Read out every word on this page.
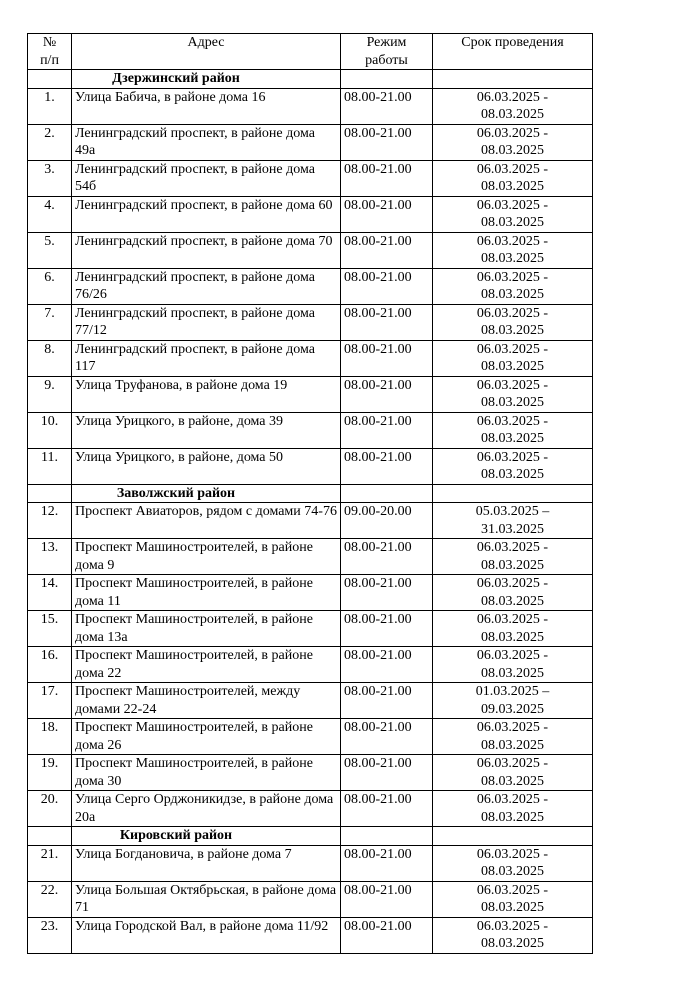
№
п/п	Адрес	Режим
работы	Срок проведения
	Дзержинский район		
1.	Улица Бабича, в районе дома 16	08.00-21.00	06.03.2025 -
08.03.2025
2.	Ленинградский проспект, в районе дома 49а	08.00-21.00	06.03.2025 -
08.03.2025
3.	Ленинградский проспект, в районе дома 54б	08.00-21.00	06.03.2025 -
08.03.2025
4.	Ленинградский проспект, в районе дома 60	08.00-21.00	06.03.2025 -
08.03.2025
5.	Ленинградский проспект, в районе дома 70	08.00-21.00	06.03.2025 -
08.03.2025
6.	Ленинградский проспект, в районе дома 76/26	08.00-21.00	06.03.2025 -
08.03.2025
7.	Ленинградский проспект, в районе дома 77/12	08.00-21.00	06.03.2025 -
08.03.2025
8.	Ленинградский проспект, в районе дома 117	08.00-21.00	06.03.2025 -
08.03.2025
9.	Улица Труфанова, в районе дома 19	08.00-21.00	06.03.2025 -
08.03.2025
10.	Улица Урицкого, в районе, дома 39	08.00-21.00	06.03.2025 -
08.03.2025
11.	Улица Урицкого, в районе, дома 50	08.00-21.00	06.03.2025 -
08.03.2025
	Заволжский район		
12.	Проспект Авиаторов, рядом с домами 74-76	09.00-20.00	05.03.2025 –
31.03.2025
13.	Проспект Машиностроителей, в районе дома 9	08.00-21.00	06.03.2025 -
08.03.2025
14.	Проспект Машиностроителей, в районе дома 11	08.00-21.00	06.03.2025 -
08.03.2025
15.	Проспект Машиностроителей, в районе дома 13а	08.00-21.00	06.03.2025 -
08.03.2025
16.	Проспект Машиностроителей, в районе дома 22	08.00-21.00	06.03.2025 -
08.03.2025
17.	Проспект Машиностроителей, между домами 22-24	08.00-21.00	01.03.2025 –
09.03.2025
18.	Проспект Машиностроителей, в районе дома 26	08.00-21.00	06.03.2025 -
08.03.2025
19.	Проспект Машиностроителей, в районе дома 30	08.00-21.00	06.03.2025 -
08.03.2025
20.	Улица Серго Орджоникидзе, в районе дома 20а	08.00-21.00	06.03.2025 -
08.03.2025
	Кировский район		
21.	Улица Богдановича, в районе дома 7	08.00-21.00	06.03.2025 -
08.03.2025
22.	Улица Большая Октябрьская, в районе дома 71	08.00-21.00	06.03.2025 -
08.03.2025
23.	Улица Городской Вал, в районе дома 11/92	08.00-21.00	06.03.2025 -
08.03.2025
